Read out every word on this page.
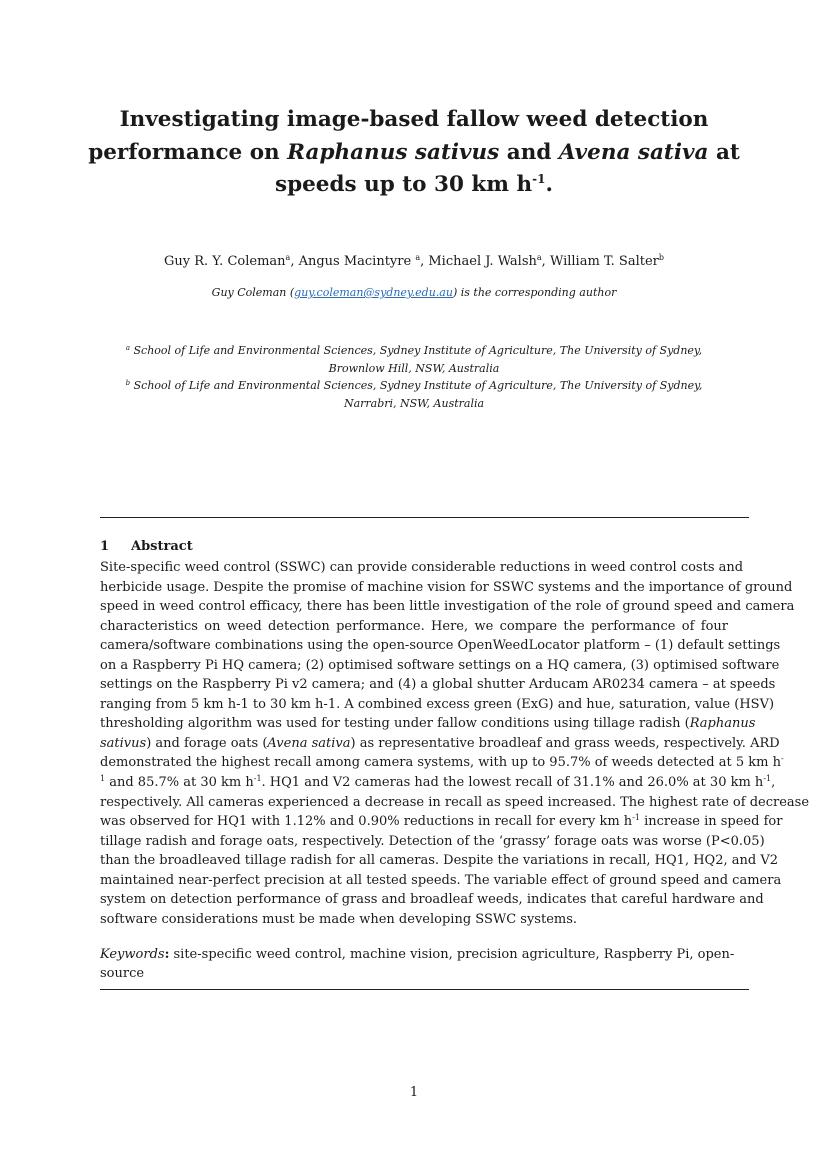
Investigating image-based fallow weed detection
performance on Raphanus sativus and Avena sativa at
speeds up to 30 km $h^{-1}$.
Guy R. Y. Coleman$^a$, Angus Macintyre $^a$, Michael J. Walsh$^a$, William T. Salter$^b$
Guy Coleman (guy.coleman@sydney.edu.au) is the corresponding author
$^a$ School of Life and Environmental Sciences, Sydney Institute of Agriculture, The University of Sydney,
Brownlow Hill, NSW, Australia
$^b$ School of Life and Environmental Sciences, Sydney Institute of Agriculture, The University of Sydney,
Narrabri, NSW, Australia
1 Abstract
Site-specific weed control (SSWC) can provide considerable reductions in weed control costs and
herbicide usage. Despite the promise of machine vision for SSWC systems and the importance of ground
speed in weed control efficacy, there has been little investigation of the role of ground speed and camera
characteristics on weed detection performance. Here, we compare the performance of four
camera/software combinations using the open-source OpenWeedLocator platform – (1) default settings
on a Raspberry Pi HQ camera; (2) optimised software settings on a HQ camera, (3) optimised software
settings on the Raspberry Pi v2 camera; and (4) a global shutter Arducam AR0234 camera – at speeds
ranging from 5 km h-1 to 30 km h-1. A combined excess green (ExG) and hue, saturation, value (HSV)
thresholding algorithm was used for testing under fallow conditions using tillage radish (Raphanus
sativus) and forage oats (Avena sativa) as representative broadleaf and grass weeds, respectively. ARD
demonstrated the highest recall among camera systems, with up to 95.7% of weeds detected at 5 km h-
$^1$ and 85.7% at 30 km $h^{-1}$. HQ1 and V2 cameras had the lowest recall of 31.1% and 26.0% at 30 km $h^{-1}$,
respectively. All cameras experienced a decrease in recall as speed increased. The highest rate of decrease
was observed for HQ1 with 1.12% and 0.90% reductions in recall for every km $h^{-1}$ increase in speed for
tillage radish and forage oats, respectively. Detection of the ‘grassy’ forage oats was worse (P<0.05)
than the broadleaved tillage radish for all cameras. Despite the variations in recall, HQ1, HQ2, and V2
maintained near-perfect precision at all tested speeds. The variable effect of ground speed and camera
system on detection performance of grass and broadleaf weeds, indicates that careful hardware and
software considerations must be made when developing SSWC systems.
Keywords: site-specific weed control, machine vision, precision agriculture, Raspberry Pi, open-source
1
